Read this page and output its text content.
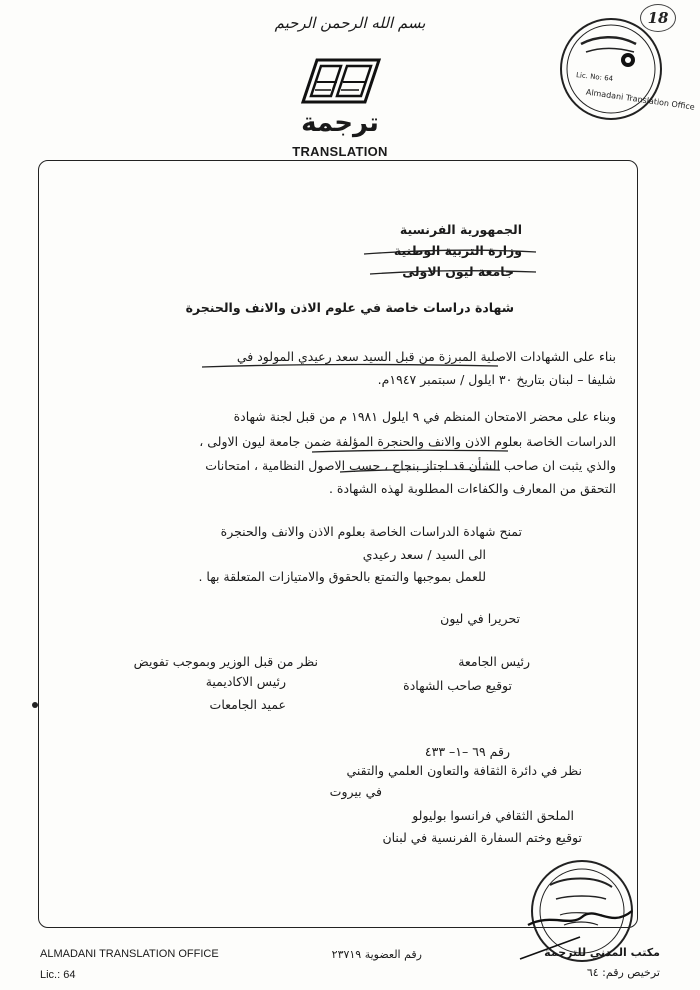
بسم الله الرحمن الرحيم
ترجمة
TRANSLATION
18
Almadani Translation Office
Lic. No: 64
الجمهورية الفرنسية
وزارة التربية الوطنية
جامعة ليون الاولى
شهادة دراسات خاصة في علوم الاذن والانف والحنجرة
بناء على الشهادات الاصلية المبرزة من قبل السيد سعد رعيدي المولود في
شليفا – لبنان بتاريخ ٣٠ ايلول / سبتمبر ١٩٤٧م.
وبناء على محضر الامتحان المنظم في ٩ ايلول ١٩٨١ م من قبل لجنة شهادة
الدراسات الخاصة بعلوم الاذن والانف والحنجرة المؤلفة ضمن جامعة ليون الاولى ،
والذي يثبت ان صاحب الشأن قد اجتاز بنجاح ، حسب الاصول النظامية ، امتحانات
التحقق من المعارف والكفاءات المطلوبة لهذه الشهادة .
تمنح شهادة الدراسات الخاصة بعلوم الاذن والانف والحنجرة
الى السيد / سعد رعيدي
للعمل بموجبها والتمتع بالحقوق والامتيازات المتعلقة بها .
تحريرا في ليون
رئيس الجامعة
توقيع صاحب الشهادة
نظر من قبل الوزير وبموجب تفويض
رئيس الاكاديمية
عميد الجامعات
رقم ٦٩ –١– ٤٣٣
نظر في دائرة الثقافة والتعاون العلمي والتقني
في بيروت
الملحق الثقافي فرانسوا بوليولو
توقيع وختم السفارة الفرنسية في لبنان
ALMADANI TRANSLATION OFFICE
Lic.: 64
رقم العضوية ٢٣٧١٩	مكتب المدني للترجمة
ترخيص رقم: ٦٤
